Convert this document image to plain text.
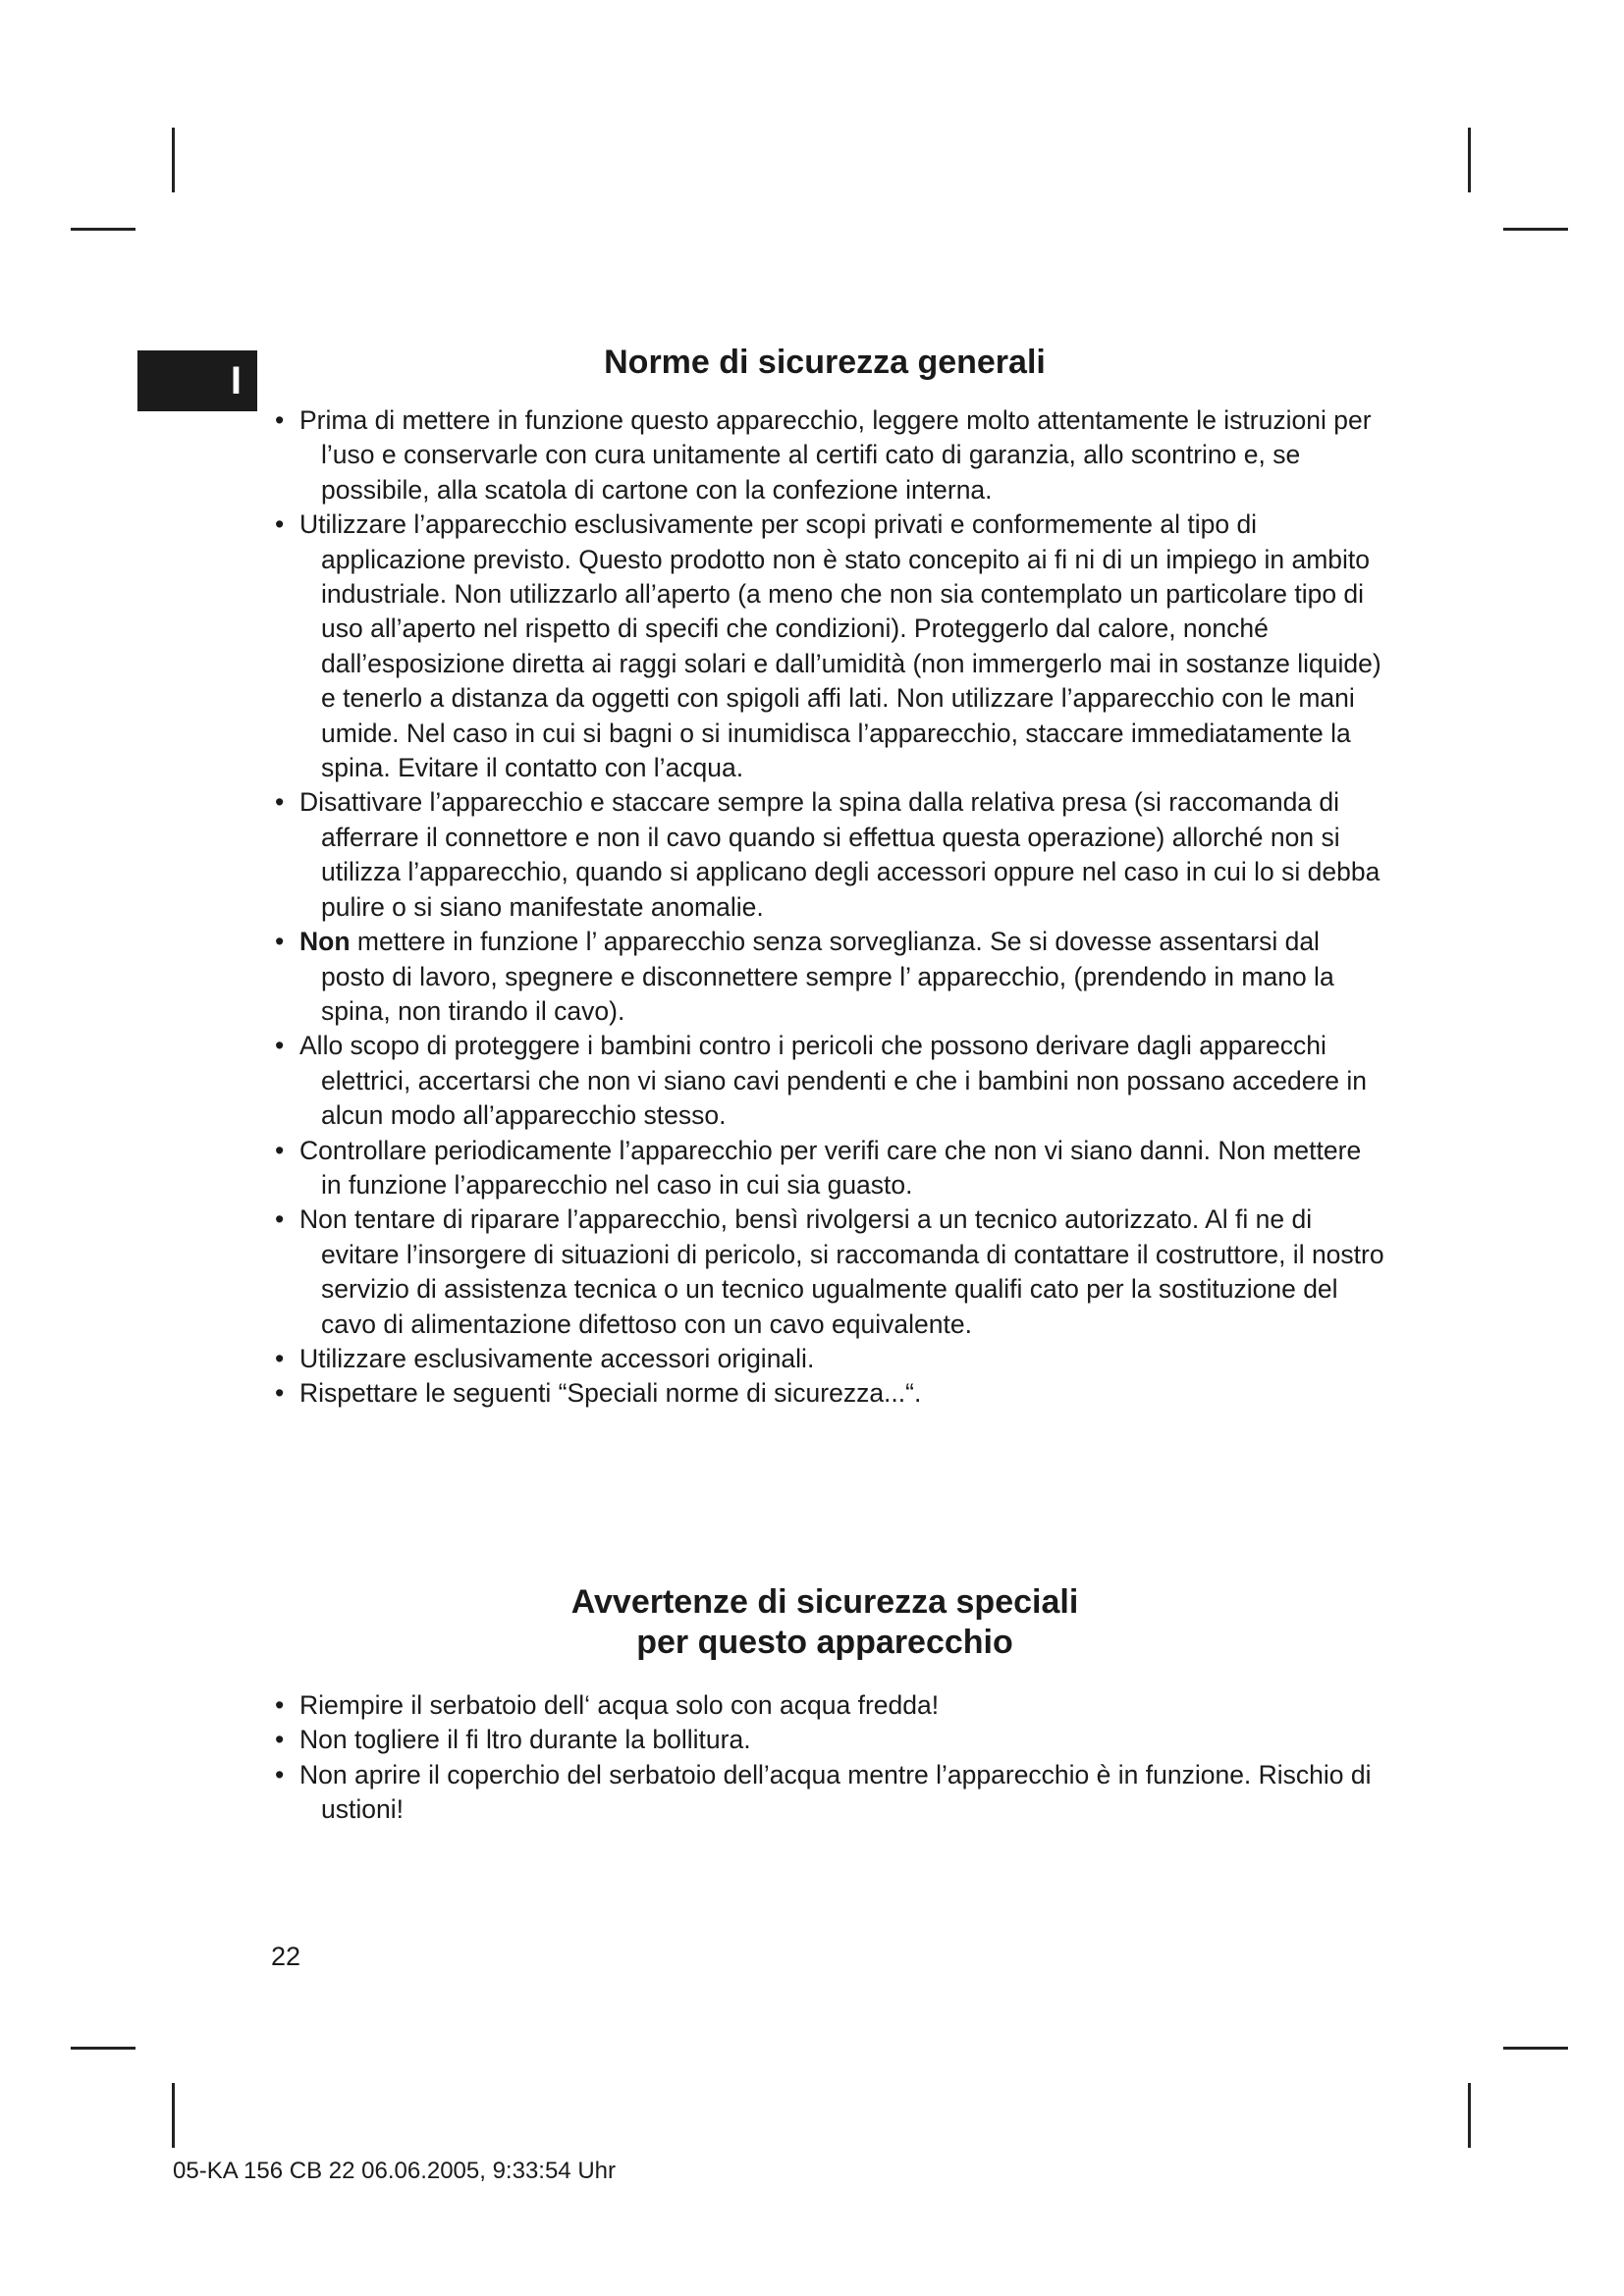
I	Norme di sicurezza generali
• Prima di mettere in funzione questo apparecchio, leggere molto attentamente le istruzioni per l’uso e conservarle con cura unitamente al certifi cato di garanzia, allo scontrino e, se possibile, alla scatola di cartone con la confezione interna.
• Utilizzare l’apparecchio esclusivamente per scopi privati e conformemente al tipo di applicazione previsto. Questo prodotto non è stato concepito ai fi ni di un impiego in ambito industriale. Non utilizzarlo all’aperto (a meno che non sia contemplato un particolare tipo di uso all’aperto nel rispetto di specifi che condizioni). Proteggerlo dal calore, nonché dall’esposizione diretta ai raggi solari e dall’umidità (non immergerlo mai in sostanze liquide) e tenerlo a distanza da oggetti con spigoli affi lati. Non utilizzare l’apparecchio con le mani umide. Nel caso in cui si bagni o si inumidisca l’apparecchio, staccare immediatamente la spina. Evitare il contatto con l’acqua.
• Disattivare l’apparecchio e staccare sempre la spina dalla relativa presa (si raccomanda di afferrare il connettore e non il cavo quando si effettua questa operazione) allorché non si utilizza l’apparecchio, quando si applicano degli accessori oppure nel caso in cui lo si debba pulire o si siano manifestate anomalie.
• Non mettere in funzione l’ apparecchio senza sorveglianza. Se si dovesse assentarsi dal posto di lavoro, spegnere e disconnettere sempre l’ apparecchio, (prendendo in mano la spina, non tirando il cavo).
• Allo scopo di proteggere i bambini contro i pericoli che possono derivare dagli apparecchi elettrici, accertarsi che non vi siano cavi pendenti e che i bambini non possano accedere in alcun modo all’apparecchio stesso.
• Controllare periodicamente l’apparecchio per verifi care che non vi siano danni. Non mettere in funzione l’apparecchio nel caso in cui sia guasto.
• Non tentare di riparare l’apparecchio, bensì rivolgersi a un tecnico autorizzato. Al fi ne di evitare l’insorgere di situazioni di pericolo, si raccomanda di contattare il costruttore, il nostro servizio di assistenza tecnica o un tecnico ugualmente qualifi cato per la sostituzione del cavo di alimentazione difettoso con un cavo equivalente.
• Utilizzare esclusivamente accessori originali.
• Rispettare le seguenti “Speciali norme di sicurezza...“.
Avvertenze di sicurezza speciali
per questo apparecchio
• Riempire il serbatoio dell‘ acqua solo con acqua fredda!
• Non togliere il fi ltro durante la bollitura.
• Non aprire il coperchio del serbatoio dell’acqua mentre l’apparecchio è in funzione. Rischio di ustioni!
22
05-KA 156 CB 22 06.06.2005, 9:33:54 Uhr
